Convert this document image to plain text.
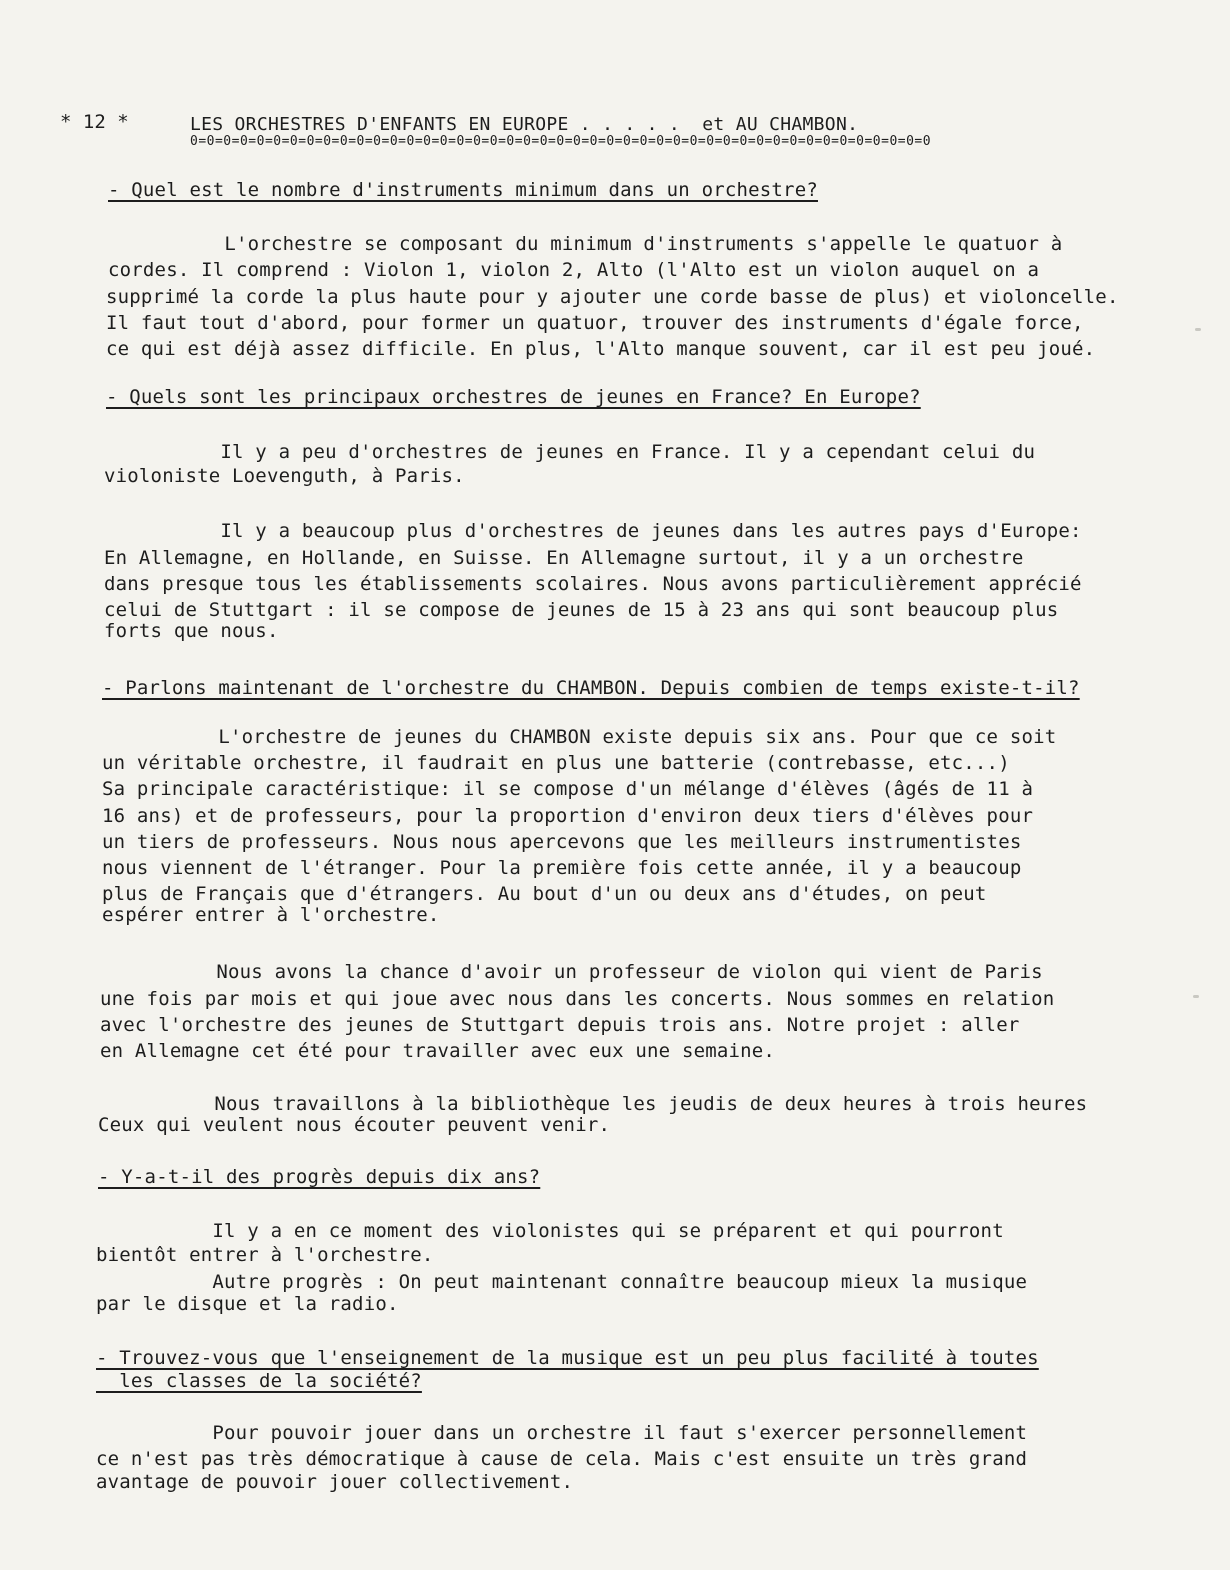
* 12 *	LES ORCHESTRES D'ENFANTS EN EUROPE . . . . .  et AU CHAMBON.
0=0=0=0=0=0=0=0=0=0=0=0=0=0=0=0=0=0=0=0=0=0=0=0=0=0=0=0=0=0=0=0=0=0=0=0=0=0=0=0=0=0=0=0=0
- Quel est le nombre d'instruments minimum dans un orchestre?
L'orchestre se composant du minimum d'instruments s'appelle le quatuor à
cordes. Il comprend : Violon 1, violon 2, Alto (l'Alto est un violon auquel on a
supprimé la corde la plus haute pour y ajouter une corde basse de plus) et violoncelle.
Il faut tout d'abord, pour former un quatuor, trouver des instruments d'égale force,
ce qui est déjà assez difficile. En plus, l'Alto manque souvent, car il est peu joué.
- Quels sont les principaux orchestres de jeunes en France? En Europe?
Il y a peu d'orchestres de jeunes en France. Il y a cependant celui du
violoniste Loevenguth, à Paris.
Il y a beaucoup plus d'orchestres de jeunes dans les autres pays d'Europe:
En Allemagne, en Hollande, en Suisse. En Allemagne surtout, il y a un orchestre
dans presque tous les établissements scolaires. Nous avons particulièrement apprécié
celui de Stuttgart : il se compose de jeunes de 15 à 23 ans qui sont beaucoup plus
forts que nous.
- Parlons maintenant de l'orchestre du CHAMBON. Depuis combien de temps existe-t-il?
L'orchestre de jeunes du CHAMBON existe depuis six ans. Pour que ce soit
un véritable orchestre, il faudrait en plus une batterie (contrebasse, etc...)
Sa principale caractéristique: il se compose d'un mélange d'élèves (âgés de 11 à
16 ans) et de professeurs, pour la proportion d'environ deux tiers d'élèves pour
un tiers de professeurs. Nous nous apercevons que les meilleurs instrumentistes
nous viennent de l'étranger. Pour la première fois cette année, il y a beaucoup
plus de Français que d'étrangers. Au bout d'un ou deux ans d'études, on peut
espérer entrer à l'orchestre.
Nous avons la chance d'avoir un professeur de violon qui vient de Paris
une fois par mois et qui joue avec nous dans les concerts. Nous sommes en relation
avec l'orchestre des jeunes de Stuttgart depuis trois ans. Notre projet : aller
en Allemagne cet été pour travailler avec eux une semaine.
Nous travaillons à la bibliothèque les jeudis de deux heures à trois heures
Ceux qui veulent nous écouter peuvent venir.
- Y-a-t-il des progrès depuis dix ans?
Il y a en ce moment des violonistes qui se préparent et qui pourront
bientôt entrer à l'orchestre.
Autre progrès : On peut maintenant connaître beaucoup mieux la musique
par le disque et la radio.
- Trouvez-vous que l'enseignement de la musique est un peu plus facilité à toutes
les classes de la société?
Pour pouvoir jouer dans un orchestre il faut s'exercer personnellement
ce n'est pas très démocratique à cause de cela. Mais c'est ensuite un très grand
avantage de pouvoir jouer collectivement.
